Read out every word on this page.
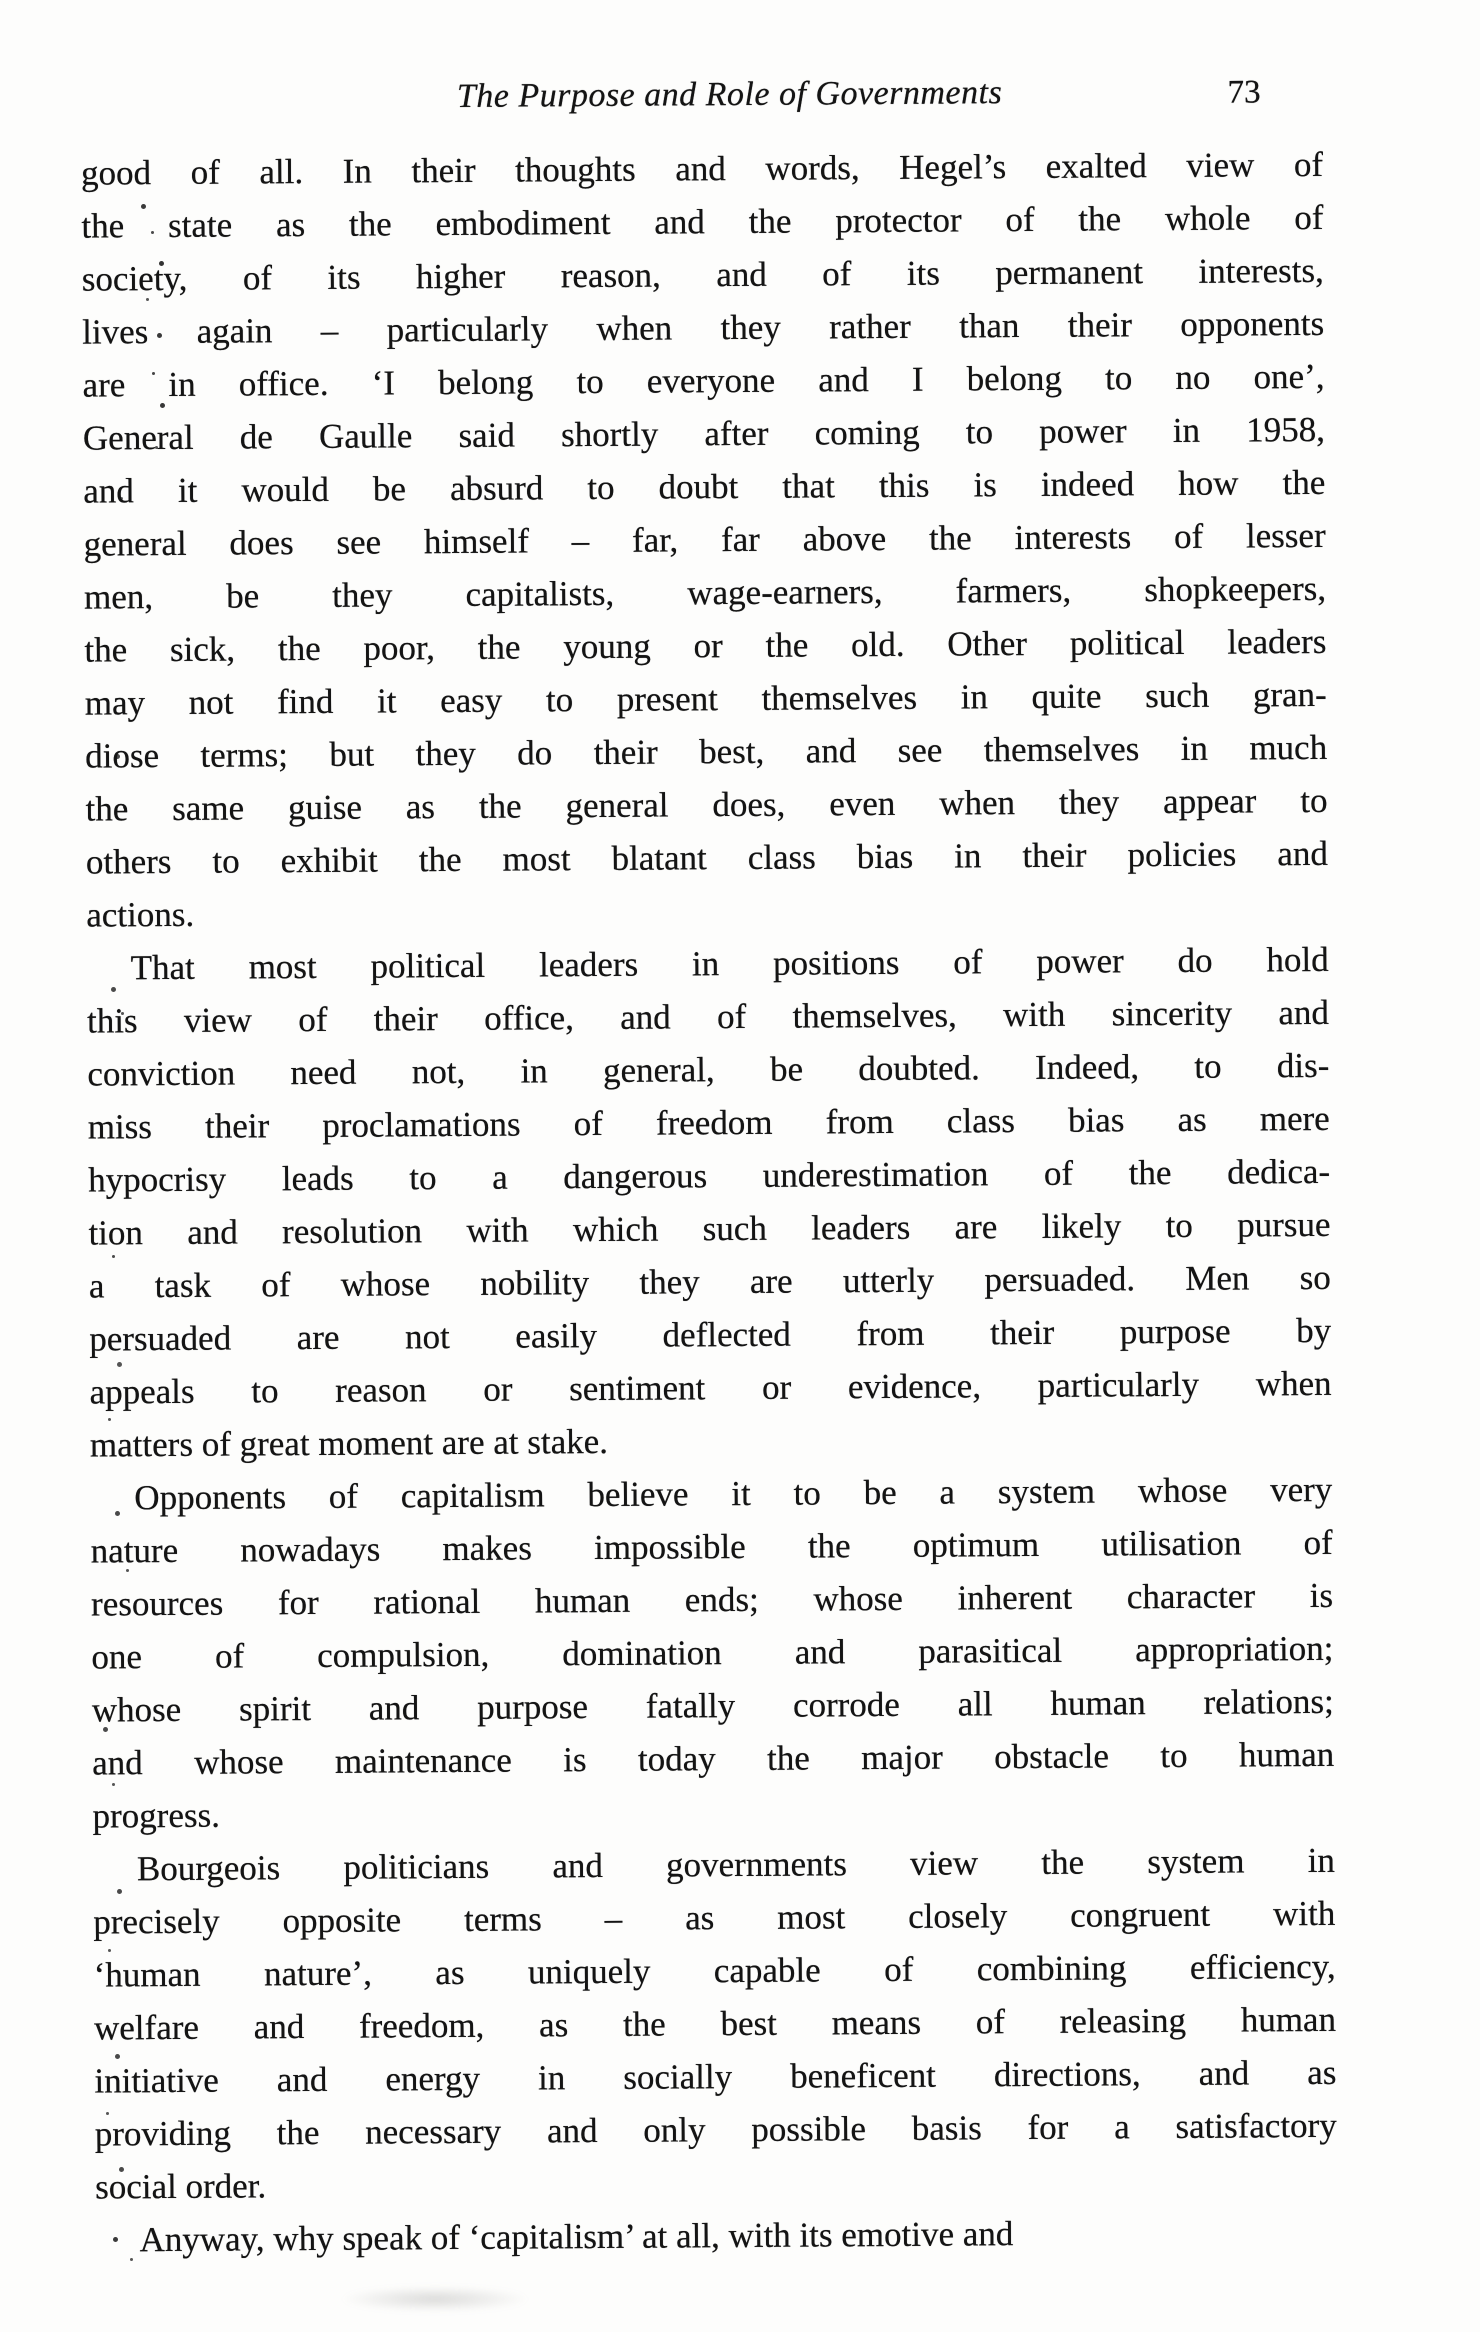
The Purpose and Role of Governments	73
good of all. In their thoughts and words, Hegel’s exalted view of
the state as the embodiment and the protector of the whole of
society, of its higher reason, and of its permanent interests,
lives again – particularly when they rather than their opponents
are in office. ‘I belong to everyone and I belong to no one’,
General de Gaulle said shortly after coming to power in 1958,
and it would be absurd to doubt that this is indeed how the
general does see himself – far, far above the interests of lesser
men, be they capitalists, wage-earners, farmers, shopkeepers,
the sick, the poor, the young or the old. Other political leaders
may not find it easy to present themselves in quite such gran-
diose terms; but they do their best, and see themselves in much
the same guise as the general does, even when they appear to
others to exhibit the most blatant class bias in their policies and
actions.
That most political leaders in positions of power do hold
this view of their office, and of themselves, with sincerity and
conviction need not, in general, be doubted. Indeed, to dis-
miss their proclamations of freedom from class bias as mere
hypocrisy leads to a dangerous underestimation of the dedica-
tion and resolution with which such leaders are likely to pursue
a task of whose nobility they are utterly persuaded. Men so
persuaded are not easily deflected from their purpose by
appeals to reason or sentiment or evidence, particularly when
matters of great moment are at stake.
Opponents of capitalism believe it to be a system whose very
nature nowadays makes impossible the optimum utilisation of
resources for rational human ends; whose inherent character is
one of compulsion, domination and parasitical appropriation;
whose spirit and purpose fatally corrode all human relations;
and whose maintenance is today the major obstacle to human
progress.
Bourgeois politicians and governments view the system in
precisely opposite terms – as most closely congruent with
‘human nature’, as uniquely capable of combining efficiency,
welfare and freedom, as the best means of releasing human
initiative and energy in socially beneficent directions, and as
providing the necessary and only possible basis for a satisfactory
social order.
Anyway, why speak of ‘capitalism’ at all, with its emotive and
